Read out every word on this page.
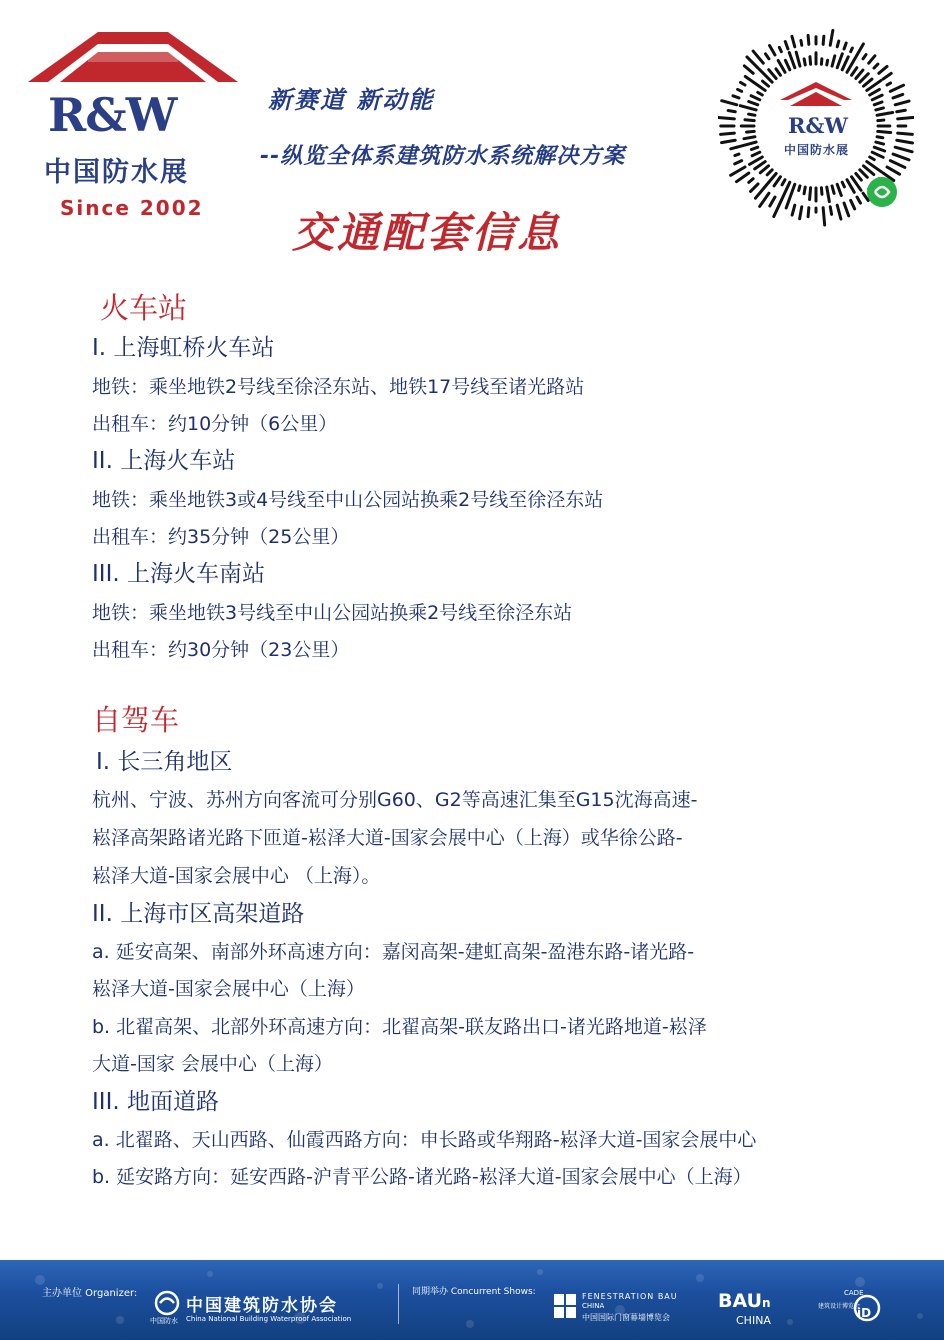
R&W
中国防水展
Since 2002
新赛道 新动能
--纵览全体系建筑防水系统解决方案
交通配套信息
R&W
中国防水展
火车站
I. 上海虹桥火车站
地铁：乘坐地铁2号线至徐泾东站、地铁17号线至诸光路站
出租车：约10分钟（6公里）
II. 上海火车站
地铁：乘坐地铁3或4号线至中山公园站换乘2号线至徐泾东站
出租车：约35分钟（25公里）
III. 上海火车南站
地铁：乘坐地铁3号线至中山公园站换乘2号线至徐泾东站
出租车：约30分钟（23公里）
自驾车
I. 长三角地区
杭州、宁波、苏州方向客流可分别G60、G2等高速汇集至G15沈海高速-
崧泽高架路诸光路下匝道-崧泽大道-国家会展中心（上海）或华徐公路-
崧泽大道-国家会展中心 （上海）。
II. 上海市区高架道路
a. 延安高架、南部外环高速方向：嘉闵高架-建虹高架-盈港东路-诸光路-
崧泽大道-国家会展中心（上海）
b. 北翟高架、北部外环高速方向：北翟高架-联友路出口-诸光路地道-崧泽
大道-国家 会展中心（上海）
III. 地面道路
a. 北翟路、天山西路、仙霞西路方向：申长路或华翔路-崧泽大道-国家会展中心
b. 延安路方向：延安西路-沪青平公路-诸光路-崧泽大道-国家会展中心（上海）
主办单位 Organizer:
中国防水
中国建筑防水协会
China National Building Waterproof Association
同期举办 Concurrent Shows:	FENESTRATION BAU
CHINA
中国国际门窗幕墙博览会
BAUn
CHINA
建筑设计博览会
CADE
iD
